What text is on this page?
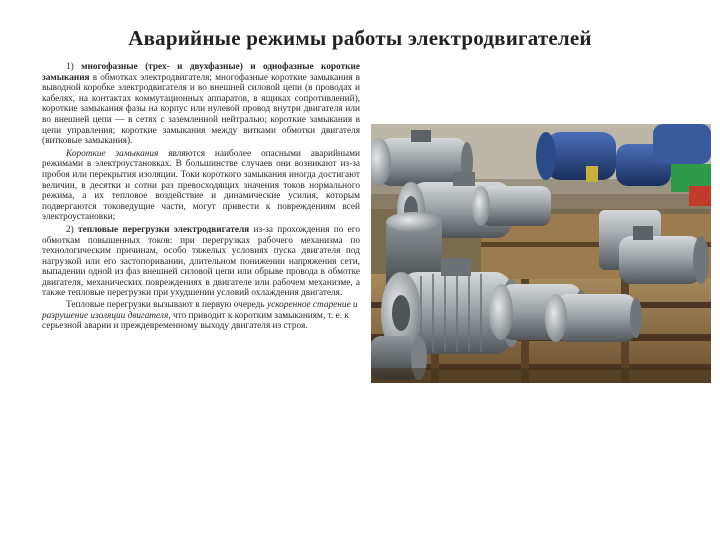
Аварийные режимы работы электродвигателей

1) многофазные (трех- и двухфазные) и однофазные короткие замыкания в обмотках электродвигателя; многофазные короткие замыкания в выводной коробке электродвигателя и во внешней силовой цепи (в проводах и кабелях, на контактах коммутационных аппаратов, в ящиках сопротивлений), короткие замыкания фазы на корпус или нулевой провод внутри двигателя или во внешней цепи — в сетях с заземленной нейтралью; короткие замыкания в цепи управления; короткие замыкания между витками обмотки двигателя (витковые замыкания).

Короткие замыкания являются наиболее опасными аварийными режимами в электроустановках. В большинстве случаев они возникают из-за пробоя или перекрытия изоляции. Токи короткого замыкания иногда достигают величин, в десятки и сотни раз превосходящих значения токов нормального режима, а их тепловое воздействие и динамические усилия, которым подвергаются токоведущие части, могут привести к повреждениям всей электроустановки;

2) тепловые перегрузки электродвигателя из-за прохождения по его обмоткам повышенных токов: при перегрузках рабочего механизма по технологическим причинам, особо тяжелых условиях пуска двигателя под нагрузкой или его застопоривании, длительном понижении напряжения сети, выпадении одной из фаз внешней силовой цепи или обрыве провода в обмотке двигателя, механических повреждениях в двигателе или рабочем механизме, а также тепловые перегрузки при ухудшении условий охлаждения двигателя.

Тепловые перегрузки вызывают в первую очередь ускоренное старение и разрушение изоляции двигателя, что приводит к коротким замыканиям, т. е. к серьезной аварии и преждевременному выходу двигателя из строя.
